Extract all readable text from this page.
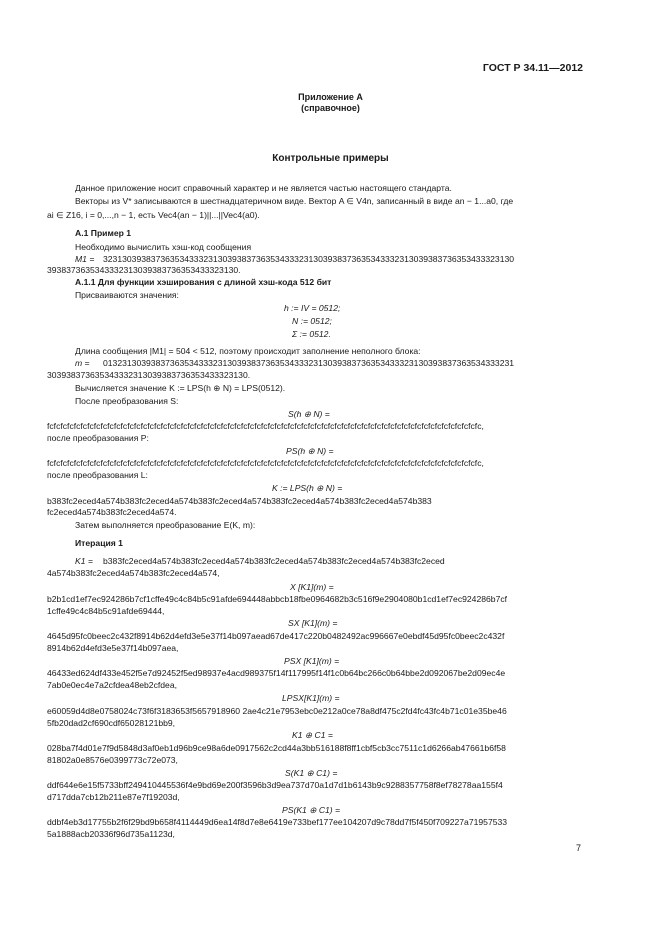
ГОСТ Р 34.11—2012
Приложение А
(справочное)
Контрольные примеры
Данное приложение носит справочный характер и не является частью настоящего стандарта.
Векторы из V* записываются в шестнадцатеричном виде. Вектор A ∈ V4n, записанный в виде an − 1...a0, где
ai ∈ Z16, i = 0,...,n − 1, есть Vec4(an − 1)||...||Vec4(a0).
А.1 Пример 1
Необходимо вычислить хэш-код сообщения
M1 = 32313039383736353433323130393837363534333231303938373635343332313039383736353433323130
393837363534333231303938373635343332313​0.
А.1.1 Для функции хэширования с длиной хэш-кода 512 бит
Присваиваются значения:
h := IV = 0512;
N := 0512;
Σ := 0512.
Длина сообщения |M1| = 504 < 512, поэтому происходит заполнение неполного блока:
m = 01323130393837363534333231303938373635343332313039383736353433323130393837363534333231
30393837363534333231303938373635343332313​0.
Вычисляется значение K := LPS(h ⊕ N) = LPS(0512).
После преобразования S:
S(h ⊕ N) =
fcfcfcfcfcfcfcfcfcfcfcfcfcfcfcfcfcfcfcfcfcfcfcfcfcfcfcfcfcfcfcfcfcfcfcfcfcfcfcfcfcfcfcfcfcfcfcfcfcfcfcfcfcfcfcfcfcfcfcfcfcfcfcfcfc,
после преобразования P:
PS(h ⊕ N) =
fcfcfcfcfcfcfcfcfcfcfcfcfcfcfcfcfcfcfcfcfcfcfcfcfcfcfcfcfcfcfcfcfcfcfcfcfcfcfcfcfcfcfcfcfcfcfcfcfcfcfcfcfcfcfcfcfcfcfcfcfcfcfcfcfc,
после преобразования L:
K := LPS(h ⊕ N) =
b383fc2eced4a574b383fc2eced4a574b383fc2eced4a574b383fc2eced4a574b383fc2eced4a574b383
fc2eced4a574b383fc2eced4a574.
Затем выполняется преобразование E(K, m):
Итерация 1
K1 = b383fc2eced4a574b383fc2eced4a574b383fc2eced4a574b383fc2eced4a574b383fc2eced
4a574b383fc2eced4a574b383fc2eced4a574,
X [K1](m) =
b2b1cd1ef7ec924286b7cf1cffe49c4c84b5c91afde694448abbcb18fbe0964682b3c516f9e2904080b1cd1ef7ec924286b7cf
1cffe49c4c84b5c91afde69444,
SX [K1](m) =
4645d95fc0beec2c432f8914b62d4efd3e5e37f14b097aead67de417c220b0482492ac996667e0ebdf45d95fc0beec2c432f
8914b62d4efd3e5e37f14b097aea,
PSX [K1](m) =
46433ed624df433e452f5e7d92452f5ed98937e4acd989375f14f117995f14f1c0b64bc266c0b64bbe2d092067be2d09ec4e
7ab0e0ec4e7a2cfdea48eb2cfdea,
LPSX[K1](m) =
e60059d4d8e0758024c73f6f3183653f5657918960 2ae4c21e7953ebc0e212a0ce78a8df475c2fd4fc43fc4b71c01e35be46
5fb20dad2cf690cdf65028121bb9,
K1 ⊕ C1 =
028ba7f4d01e7f9d5848d3af0eb1d96b9ce98a6de0917562c2cd44a3bb516188f8ff1cbf5cb3cc7511c1d6266ab47661b6f58
81802a0e8576e0399773c72e073,
S(K1 ⊕ C1) =
ddf644e6e15f5733bff249410445536f4e9bd69e200f3596b3d9ea737d70a1d7d1b6143b9c9288357758f8ef78278aa155f4
d717dda7cb12b211e87e7f19203d,
PS(K1 ⊕ C1) =
ddbf4eb3d17755b2f6f29bd9b658f4114449d6ea14f8d7e8e6419e733bef177ee104207d9c78dd7f5f450f709227a71957533
5a1888acb20336f96d735a1123d,
7
